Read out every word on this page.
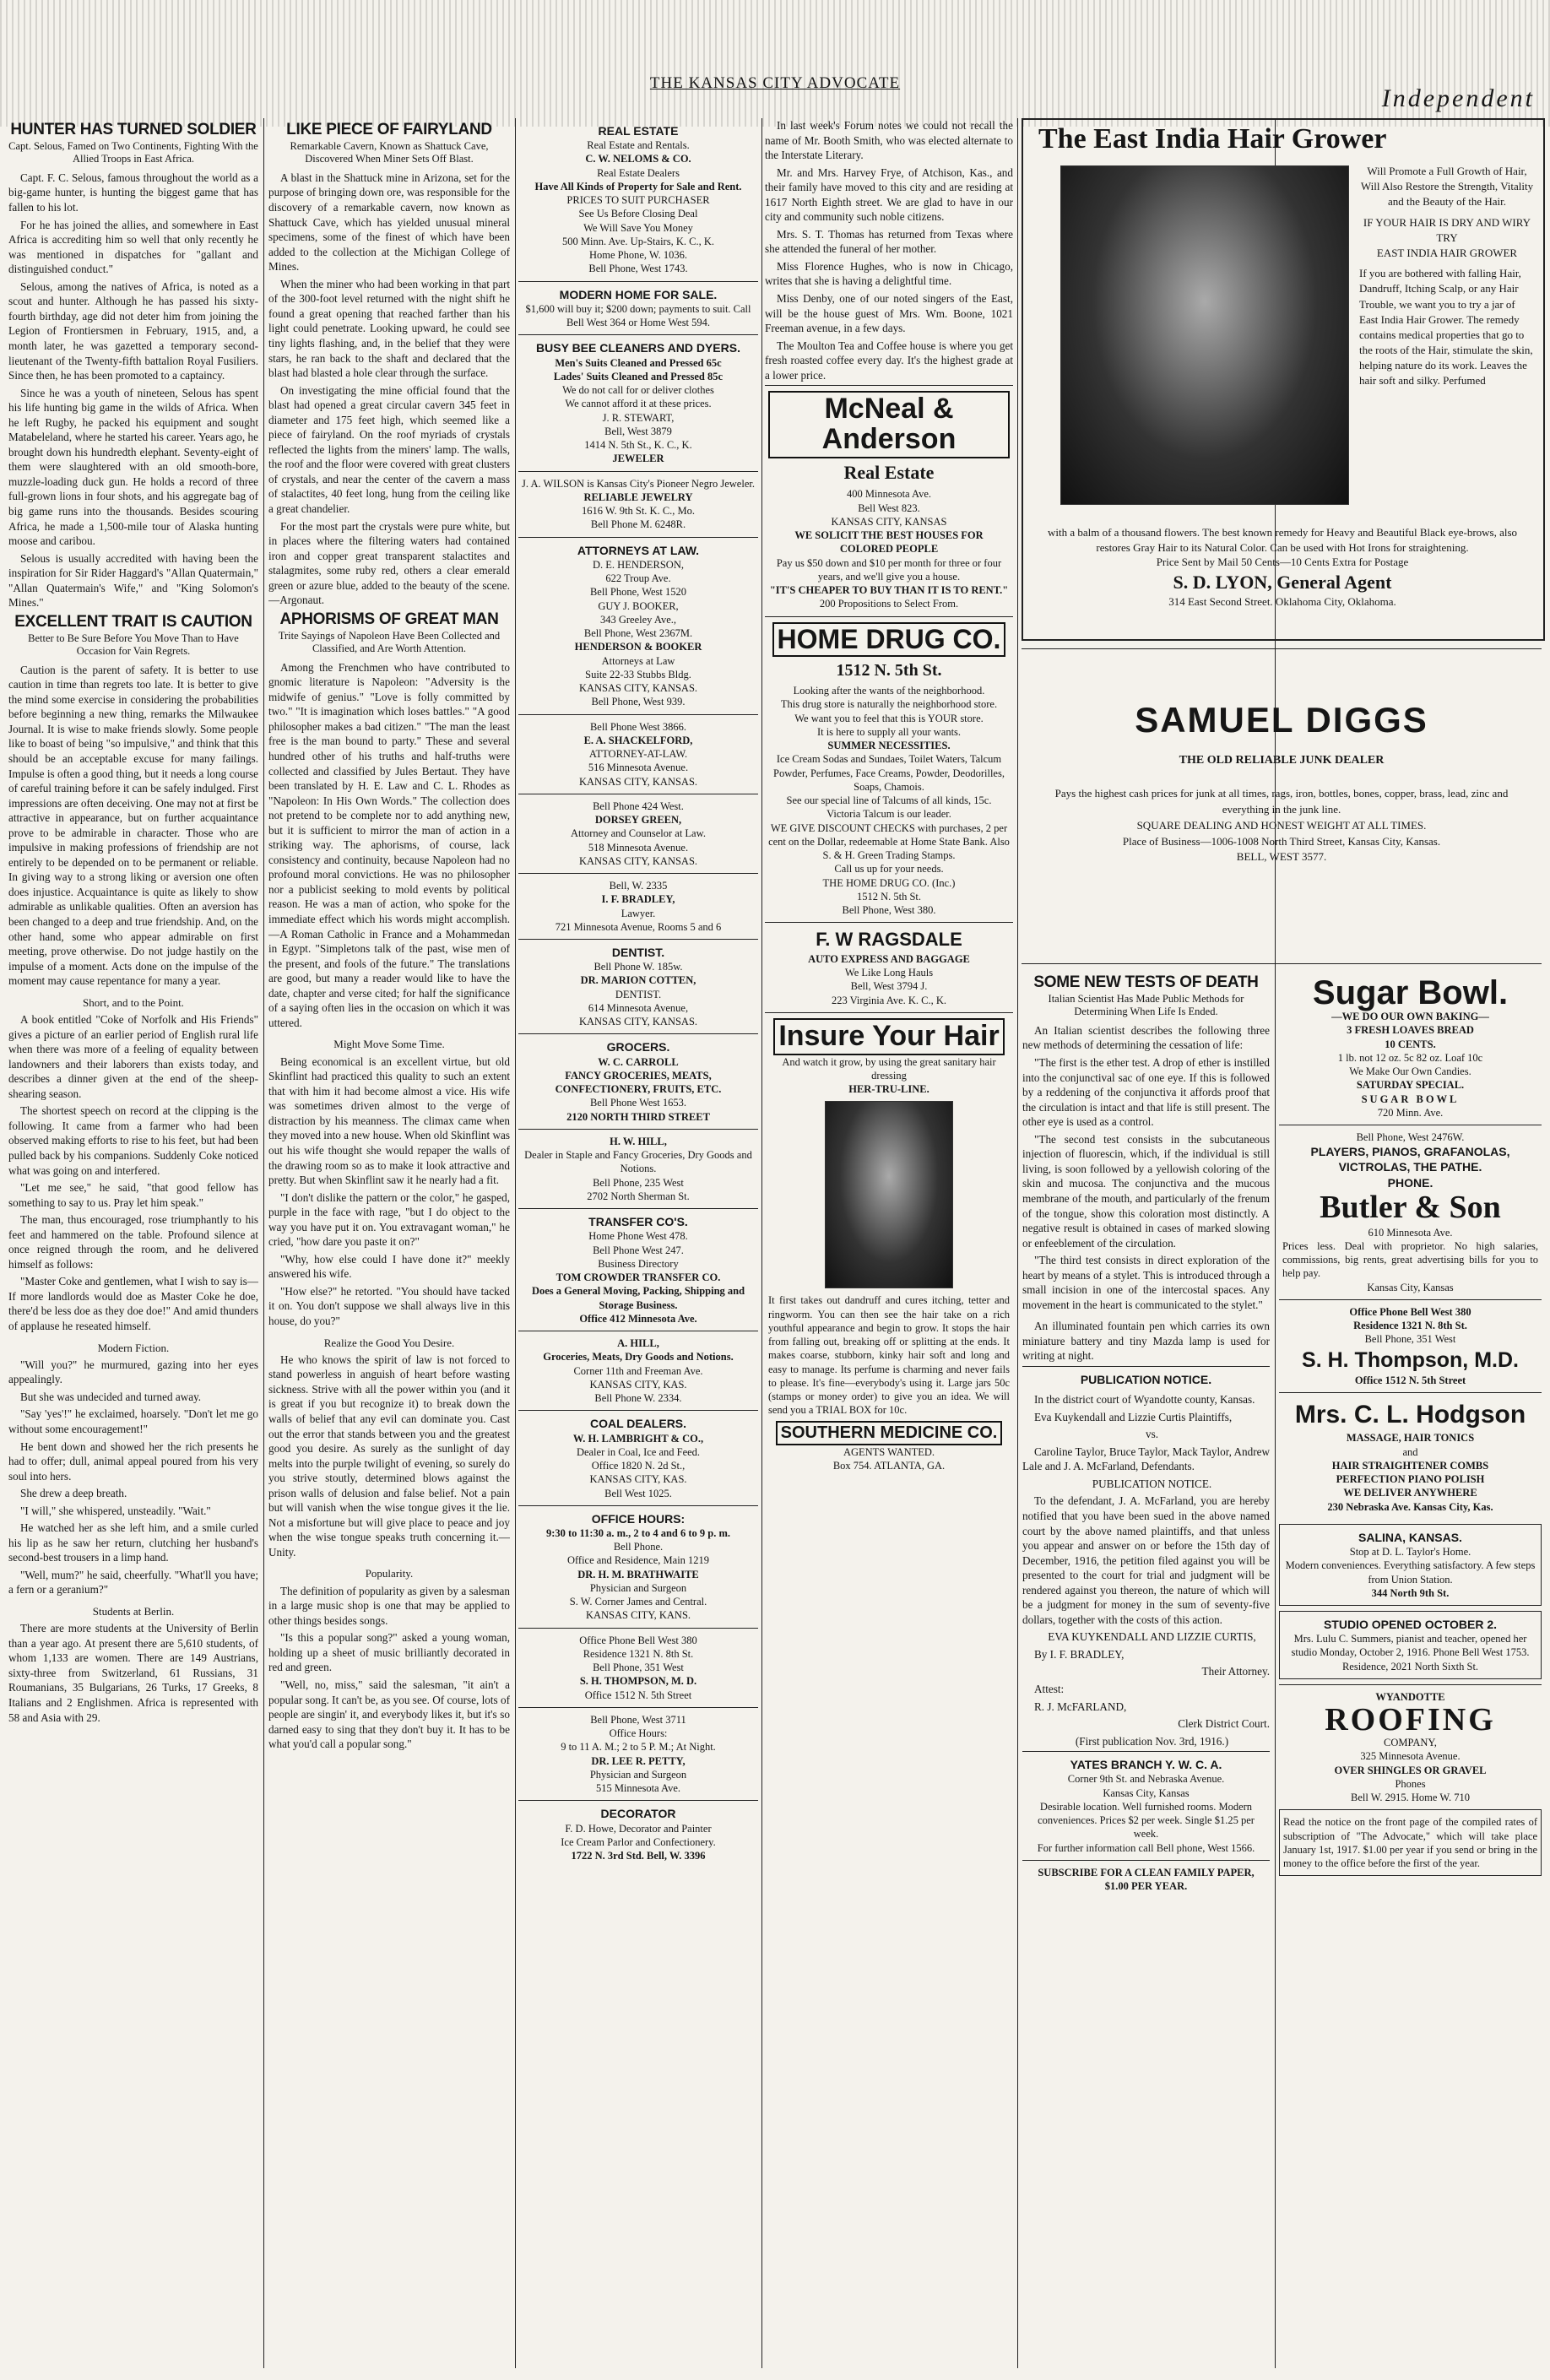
THE KANSAS CITY ADVOCATE
Independent
HUNTER HAS TURNED SOLDIER
Capt. Selous, Famed on Two Continents, Fighting With the Allied Troops in East Africa.

Capt. F. C. Selous, famous throughout the world as a big-game hunter, is hunting the biggest game that has fallen to his lot.

For he has joined the allies, and somewhere in East Africa is accrediting him so well that only recently he was mentioned in dispatches for "gallant and distinguished conduct."

Selous, among the natives of Africa, is noted as a scout and hunter. Although he has passed his sixty-fourth birthday, age did not deter him from joining the Legion of Frontiersmen in February, 1915, and, a month later, he was gazetted a temporary second-lieutenant of the Twenty-fifth battalion Royal Fusiliers. Since then, he has been promoted to a captaincy.

Since he was a youth of nineteen, Selous has spent his life hunting big game in the wilds of Africa. When he left Rugby, he packed his equipment and sought Matabeleland, where he started his career. Years ago, he brought down his hundredth elephant. Seventy-eight of them were slaughtered with an old smooth-bore, muzzle-loading duck gun. He holds a record of three full-grown lions in four shots, and his aggregate bag of big game runs into the thousands. Besides scouring Africa, he made a 1,500-mile tour of Alaska hunting moose and caribou.

Selous is usually accredited with having been the inspiration for Sir Rider Haggard's "Allan Quatermain," "Allan Quatermain's Wife," and "King Solomon's Mines."

EXCELLENT TRAIT IS CAUTION
Better to Be Sure Before You Move Than to Have Occasion for Vain Regrets.

Caution is the parent of safety. It is better to use caution in time than regrets too late. It is better to give the mind some exercise in considering the probabilities before beginning a new thing, remarks the Milwaukee Journal. It is wise to make friends slowly. Some people like to boast of being "so impulsive," and think that this should be an acceptable excuse for many failings. Impulse is often a good thing, but it needs a long course of careful training before it can be safely indulged. First impressions are often deceiving. One may not at first be attractive in appearance, but on further acquaintance prove to be admirable in character. Those who are impulsive in making professions of friendship are not entirely to be depended on to be permanent or reliable. In giving way to a strong liking or aversion one often does injustice. Acquaintance is quite as likely to show admirable as unlikable qualities. Often an aversion has been changed to a deep and true friendship. And, on the other hand, some who appear admirable on first meeting, prove otherwise. Do not judge hastily on the impulse of a moment. Acts done on the impulse of the moment may cause repentance for many a year.

Short, and to the Point.

A book entitled "Coke of Norfolk and His Friends" gives a picture of an earlier period of English rural life when there was more of a feeling of equality between landowners and their laborers than exists today, and describes a dinner given at the end of the sheep-shearing season.

The shortest speech on record at the clipping is the following. It came from a farmer who had been observed making efforts to rise to his feet, but had been pulled back by his companions. Suddenly Coke noticed what was going on and interfered.

"Let me see," he said, "that good fellow has something to say to us. Pray let him speak."

The man, thus encouraged, rose triumphantly to his feet and hammered on the table. Profound silence at once reigned through the room, and he delivered himself as follows:

"Master Coke and gentlemen, what I wish to say is—If more landlords would doe as Master Coke he doe, there'd be less doe as they doe doe!" And amid thunders of applause he reseated himself.

Modern Fiction.

"Will you?" he murmured, gazing into her eyes appealingly.

But she was undecided and turned away.

"Say 'yes'!" he exclaimed, hoarsely. "Don't let me go without some encouragement!"

He bent down and showed her the rich presents he had to offer; dull, animal appeal poured from his very soul into hers.

She drew a deep breath.

"I will," she whispered, unsteadily. "Wait."

He watched her as she left him, and a smile curled his lip as he saw her return, clutching her husband's second-best trousers in a limp hand.

"Well, mum?" he said, cheerfully. "What'll you have; a fern or a geranium?"

Students at Berlin.

There are more students at the University of Berlin than a year ago. At present there are 5,610 students, of whom 1,133 are women. There are 149 Austrians, sixty-three from Switzerland, 61 Russians, 31 Roumanians, 35 Bulgarians, 26 Turks, 17 Greeks, 8 Italians and 2 Englishmen. Africa is represented with 58 and Asia with 29.

LIKE PIECE OF FAIRYLAND
Remarkable Cavern, Known as Shattuck Cave, Discovered When Miner Sets Off Blast.

A blast in the Shattuck mine in Arizona, set for the purpose of bringing down ore, was responsible for the discovery of a remarkable cavern, now known as Shattuck Cave, which has yielded unusual mineral specimens, some of the finest of which have been added to the collection at the Michigan College of Mines.

When the miner who had been working in that part of the 300-foot level returned with the night shift he found a great opening that reached farther than his light could penetrate. Looking upward, he could see tiny lights flashing, and, in the belief that they were stars, he ran back to the shaft and declared that the blast had blasted a hole clear through the surface.

On investigating the mine official found that the blast had opened a great circular cavern 345 feet in diameter and 175 feet high, which seemed like a piece of fairyland. On the roof myriads of crystals reflected the lights from the miners' lamp. The walls, the roof and the floor were covered with great clusters of crystals, and near the center of the cavern a mass of stalactites, 40 feet long, hung from the ceiling like a great chandelier.

For the most part the crystals were pure white, but in places where the filtering waters had contained iron and copper great transparent stalactites and stalagmites, some ruby red, others a clear emerald green or azure blue, added to the beauty of the scene.—Argonaut.

APHORISMS OF GREAT MAN
Trite Sayings of Napoleon Have Been Collected and Classified, and Are Worth Attention.

Among the Frenchmen who have contributed to gnomic literature is Napoleon: "Adversity is the midwife of genius." "Love is folly committed by two." "It is imagination which loses battles." "A good philosopher makes a bad citizen." "The man the least free is the man bound to party." These and several hundred other of his truths and half-truths were collected and classified by Jules Bertaut. They have been translated by H. E. Law and C. L. Rhodes as "Napoleon: In His Own Words." The collection does not pretend to be complete nor to add anything new, but it is sufficient to mirror the man of action in a striking way. The aphorisms, of course, lack consistency and continuity, because Napoleon had no profound moral convictions. He was no philosopher nor a publicist seeking to mold events by political reason. He was a man of action, who spoke for the immediate effect which his words might accomplish.—A Roman Catholic in France and a Mohammedan in Egypt. "Simpletons talk of the past, wise men of the present, and fools of the future." The translations are good, but many a reader would like to have the date, chapter and verse cited; for half the significance of a saying often lies in the occasion on which it was uttered.

Might Move Some Time.

Being economical is an excellent virtue, but old Skinflint had practiced this quality to such an extent that with him it had become almost a vice. His wife was sometimes driven almost to the verge of distraction by his meanness. The climax came when they moved into a new house. When old Skinflint was out his wife thought she would repaper the walls of the drawing room so as to make it look attractive and pretty. But when Skinflint saw it he nearly had a fit.

"I don't dislike the pattern or the color," he gasped, purple in the face with rage, "but I do object to the way you have put it on. You extravagant woman," he cried, "how dare you paste it on?"

"Why, how else could I have done it?" meekly answered his wife.

"How else?" he retorted. "You should have tacked it on. You don't suppose we shall always live in this house, do you?"

Realize the Good You Desire.

He who knows the spirit of law is not forced to stand powerless in anguish of heart before wasting sickness. Strive with all the power within you (and it is great if you but recognize it) to break down the walls of belief that any evil can dominate you. Cast out the error that stands between you and the greatest good you desire. As surely as the sunlight of day melts into the purple twilight of evening, so surely do you strive stoutly, determined blows against the prison walls of delusion and false belief. Not a pain but will vanish when the wise tongue gives it the lie. Not a misfortune but will give place to peace and joy when the wise tongue speaks truth concerning it.—Unity.

Popularity.

The definition of popularity as given by a salesman in a large music shop is one that may be applied to other things besides songs.

"Is this a popular song?" asked a young woman, holding up a sheet of music brilliantly decorated in red and green.

"Well, no, miss," said the salesman, "it ain't a popular song. It can't be, as you see. Of course, lots of people are singin' it, and everybody likes it, but it's so darned easy to sing that they don't buy it. It has to be what you'd call a popular song."

REAL ESTATE
Real Estate and Rentals.
C. W. NELOMS & CO.
Real Estate Dealers
Have All Kinds of Property for Sale and Rent.
PRICES TO SUIT PURCHASER
See Us Before Closing Deal
We Will Save You Money
500 Minn. Ave. Up-Stairs, K. C., K.
Home Phone, W. 1036.
Bell Phone, West 1743.
MODERN HOME FOR SALE.
$1,600 will buy it; $200 down; payments to suit. Call Bell West 364 or Home West 594.
BUSY BEE CLEANERS AND DYERS.
Men's Suits Cleaned and Pressed 65c
Lades' Suits Cleaned and Pressed 85c
We do not call for or deliver clothes
We cannot afford it at these prices.
J. R. STEWART,
Bell, West 3879
1414 N. 5th St., K. C., K.
JEWELER
J. A. WILSON is Kansas City's Pioneer Negro Jeweler.
RELIABLE JEWELRY
1616 W. 9th St. K. C., Mo.
Bell Phone M. 6248R.
ATTORNEYS AT LAW.
D. E. HENDERSON,
622 Troup Ave.
Bell Phone, West 1520
GUY J. BOOKER,
343 Greeley Ave.,
Bell Phone, West 2367M.
HENDERSON & BOOKER
Attorneys at Law
Suite 22-33 Stubbs Bldg.
KANSAS CITY, KANSAS.
Bell Phone, West 939.
Bell Phone West 3866.
E. A. SHACKELFORD,
ATTORNEY-AT-LAW.
516 Minnesota Avenue.
KANSAS CITY, KANSAS.
Bell Phone 424 West.
DORSEY GREEN,
Attorney and Counselor at Law.
518 Minnesota Avenue.
KANSAS CITY, KANSAS.
Bell, W. 2335
I. F. BRADLEY,
Lawyer.
721 Minnesota Avenue, Rooms 5 and 6
DENTIST.
Bell Phone W. 185w.
DR. MARION COTTEN,
DENTIST.
614 Minnesota Avenue,
KANSAS CITY, KANSAS.
GROCERS.
W. C. CARROLL
FANCY GROCERIES, MEATS, CONFECTIONERY, FRUITS, ETC.
Bell Phone West 1653.
2120 NORTH THIRD STREET
H. W. HILL,
Dealer in Staple and Fancy Groceries, Dry Goods and Notions.
Bell Phone, 235 West
2702 North Sherman St.
TRANSFER CO'S.
Home Phone West 478.
Bell Phone West 247.
Business Directory
TOM CROWDER TRANSFER CO.
Does a General Moving, Packing, Shipping and Storage Business.
Office 412 Minnesota Ave.
A. HILL,
Groceries, Meats, Dry Goods and Notions.
Corner 11th and Freeman Ave.
KANSAS CITY, KAS.
Bell Phone W. 2334.
COAL DEALERS.
W. H. LAMBRIGHT & CO.,
Dealer in Coal, Ice and Feed.
Office 1820 N. 2d St.,
KANSAS CITY, KAS.
Bell West 1025.
OFFICE HOURS:
9:30 to 11:30 a. m., 2 to 4 and 6 to 9 p. m.
Bell Phone.
Office and Residence, Main 1219
DR. H. M. BRATHWAITE
Physician and Surgeon
S. W. Corner James and Central.
KANSAS CITY, KANS.
Office Phone Bell West 380
Residence 1321 N. 8th St.
Bell Phone, 351 West
S. H. THOMPSON, M. D.
Office 1512 N. 5th Street
Bell Phone, West 3711
Office Hours:
9 to 11 A. M.; 2 to 5 P. M.; At Night.
DR. LEE R. PETTY,
Physician and Surgeon
515 Minnesota Ave.
DECORATOR
F. D. Howe, Decorator and Painter
Ice Cream Parlor and Confectionery.
1722 N. 3rd Std. Bell, W. 3396

In last week's Forum notes we could not recall the name of Mr. Booth Smith, who was elected alternate to the Interstate Literary.

Mr. and Mrs. Harvey Frye, of Atchison, Kas., and their family have moved to this city and are residing at 1617 North Eighth street. We are glad to have in our city and community such noble citizens.

Mrs. S. T. Thomas has returned from Texas where she attended the funeral of her mother.

Miss Florence Hughes, who is now in Chicago, writes that she is having a delightful time.

Miss Denby, one of our noted singers of the East, will be the house guest of Mrs. Wm. Boone, 1021 Freeman avenue, in a few days.

The Moulton Tea and Coffee house is where you get fresh roasted coffee every day. It's the highest grade at a lower price.

McNeal & Anderson
Real Estate
400 Minnesota Ave.
Bell West 823.
KANSAS CITY, KANSAS
WE SOLICIT THE BEST HOUSES FOR COLORED PEOPLE
Pay us $50 down and $10 per month for three or four years, and we'll give you a house.
"IT'S CHEAPER TO BUY THAN IT IS TO RENT."
200 Propositions to Select From.
HOME DRUG CO.
1512 N. 5th St.
Looking after the wants of the neighborhood.
This drug store is naturally the neighborhood store.
We want you to feel that this is YOUR store.
It is here to supply all your wants.
SUMMER NECESSITIES.
Ice Cream Sodas and Sundaes, Toilet Waters, Talcum Powder, Perfumes, Face Creams, Powder, Deodorilles, Soaps, Chamois.
See our special line of Talcums of all kinds, 15c.
Victoria Talcum is our leader.
WE GIVE DISCOUNT CHECKS with purchases, 2 per cent on the Dollar, redeemable at Home State Bank. Also S. & H. Green Trading Stamps.
Call us up for your needs.
THE HOME DRUG CO. (Inc.)
1512 N. 5th St.
Bell Phone, West 380.
F. W RAGSDALE
AUTO EXPRESS AND BAGGAGE
We Like Long Hauls
Bell, West 3794 J.
223 Virginia Ave. K. C., K.
Insure Your Hair
And watch it grow, by using the great sanitary hair dressing
HER-TRU-LINE.
It first takes out dandruff and cures itching, tetter and ringworm. You can then see the hair take on a rich youthful appearance and begin to grow. It stops the hair from falling out, breaking off or splitting at the ends. It makes coarse, stubborn, kinky hair soft and long and easy to manage. Its perfume is charming and never fails to please. It's fine—everybody's using it. Large jars 50c (stamps or money order) to give you an idea. We will send you a TRIAL BOX for 10c.
SOUTHERN MEDICINE CO.
AGENTS WANTED.
Box 754. ATLANTA, GA.
The East India Hair Grower
Will Promote a Full Growth of Hair, Will Also Restore the Strength, Vitality and the Beauty of the Hair.
IF YOUR HAIR IS DRY AND WIRY
TRY
EAST INDIA HAIR GROWER
If you are bothered with falling Hair, Dandruff, Itching Scalp, or any Hair Trouble, we want you to try a jar of East India Hair Grower. The remedy contains medical properties that go to the roots of the Hair, stimulate the skin, helping nature do its work. Leaves the hair soft and silky. Perfumed
with a balm of a thousand flowers. The best known remedy for Heavy and Beautiful Black eye-brows, also restores Gray Hair to its Natural Color. Can be used with Hot Irons for straightening.
Price Sent by Mail 50 Cents—10 Cents Extra for Postage
S. D. LYON, General Agent
314 East Second Street. Oklahoma City, Oklahoma.
SAMUEL DIGGS
THE OLD RELIABLE JUNK DEALER
Pays the highest cash prices for junk at all times, rags, iron, bottles, bones, copper, brass, lead, zinc and everything in the junk line.
SQUARE DEALING AND HONEST WEIGHT AT ALL TIMES.
Place of Business—1006-1008 North Third Street, Kansas City, Kansas.
BELL, WEST 3577.
SOME NEW TESTS OF DEATH
Italian Scientist Has Made Public Methods for Determining When Life Is Ended.

An Italian scientist describes the following three new methods of determining the cessation of life:

"The first is the ether test. A drop of ether is instilled into the conjunctival sac of one eye. If this is followed by a reddening of the conjunctiva it affords proof that the circulation is intact and that life is still present. The other eye is used as a control.

"The second test consists in the subcutaneous injection of fluorescin, which, if the individual is still living, is soon followed by a yellowish coloring of the skin and mucosa. The conjunctiva and the mucous membrane of the mouth, and particularly of the frenum of the tongue, show this coloration most distinctly. A negative result is obtained in cases of marked slowing or enfeeblement of the circulation.

"The third test consists in direct exploration of the heart by means of a stylet. This is introduced through a small incision in one of the intercostal spaces. Any movement in the heart is communicated to the stylet."

An illuminated fountain pen which carries its own miniature battery and tiny Mazda lamp is used for writing at night.

PUBLICATION NOTICE.

In the district court of Wyandotte county, Kansas.

Eva Kuykendall and Lizzie Curtis Plaintiffs,

vs.

Caroline Taylor, Bruce Taylor, Mack Taylor, Andrew Lale and J. A. McFarland, Defendants.

PUBLICATION NOTICE.

To the defendant, J. A. McFarland, you are hereby notified that you have been sued in the above named court by the above named plaintiffs, and that unless you appear and answer on or before the 15th day of December, 1916, the petition filed against you will be presented to the court for trial and judgment will be rendered against you thereon, the nature of which will be a judgment for money in the sum of seventy-five dollars, together with the costs of this action.

EVA KUYKENDALL AND LIZZIE CURTIS,

By I. F. BRADLEY,

Their Attorney.

Attest:

R. J. McFARLAND,

Clerk District Court.

(First publication Nov. 3rd, 1916.)

YATES BRANCH Y. W. C. A.
Corner 9th St. and Nebraska Avenue.
Kansas City, Kansas
Desirable location. Well furnished rooms. Modern conveniences. Prices $2 per week. Single $1.25 per week.
For further information call Bell phone, West 1566.
SUBSCRIBE FOR A CLEAN FAMILY PAPER, $1.00 PER YEAR.
Sugar Bowl.
—WE DO OUR OWN BAKING—
3 FRESH LOAVES BREAD
10 CENTS.
1 lb. not 12 oz. 5c 82 oz. Loaf 10c
We Make Our Own Candies.
SATURDAY SPECIAL.
SUGAR BOWL
720 Minn. Ave.
Bell Phone, West 2476W.
PLAYERS, PIANOS, GRAFANOLAS, VICTROLAS, THE PATHE.
PHONE.
Butler & Son
610 Minnesota Ave.
Prices less. Deal with proprietor. No high salaries, commissions, big rents, great advertising bills for you to help pay.
Kansas City, Kansas
Office Phone Bell West 380
Residence 1321 N. 8th St.
Bell Phone, 351 West
S. H. Thompson, M.D.
Office 1512 N. 5th Street
Mrs. C. L. Hodgson
MASSAGE, HAIR TONICS
and
HAIR STRAIGHTENER COMBS
PERFECTION PIANO POLISH
WE DELIVER ANYWHERE
230 Nebraska Ave. Kansas City, Kas.
SALINA, KANSAS.
Stop at D. L. Taylor's Home.
Modern conveniences. Everything satisfactory. A few steps from Union Station.
344 North 9th St.
STUDIO OPENED OCTOBER 2.
Mrs. Lulu C. Summers, pianist and teacher, opened her studio Monday, October 2, 1916. Phone Bell West 1753. Residence, 2021 North Sixth St.
WYANDOTTE
ROOFING
COMPANY,
325 Minnesota Avenue.
OVER SHINGLES OR GRAVEL
Phones
Bell W. 2915. Home W. 710
Read the notice on the front page of the compiled rates of subscription of "The Advocate," which will take place January 1st, 1917. $1.00 per year if you send or bring in the money to the office before the first of the year.
